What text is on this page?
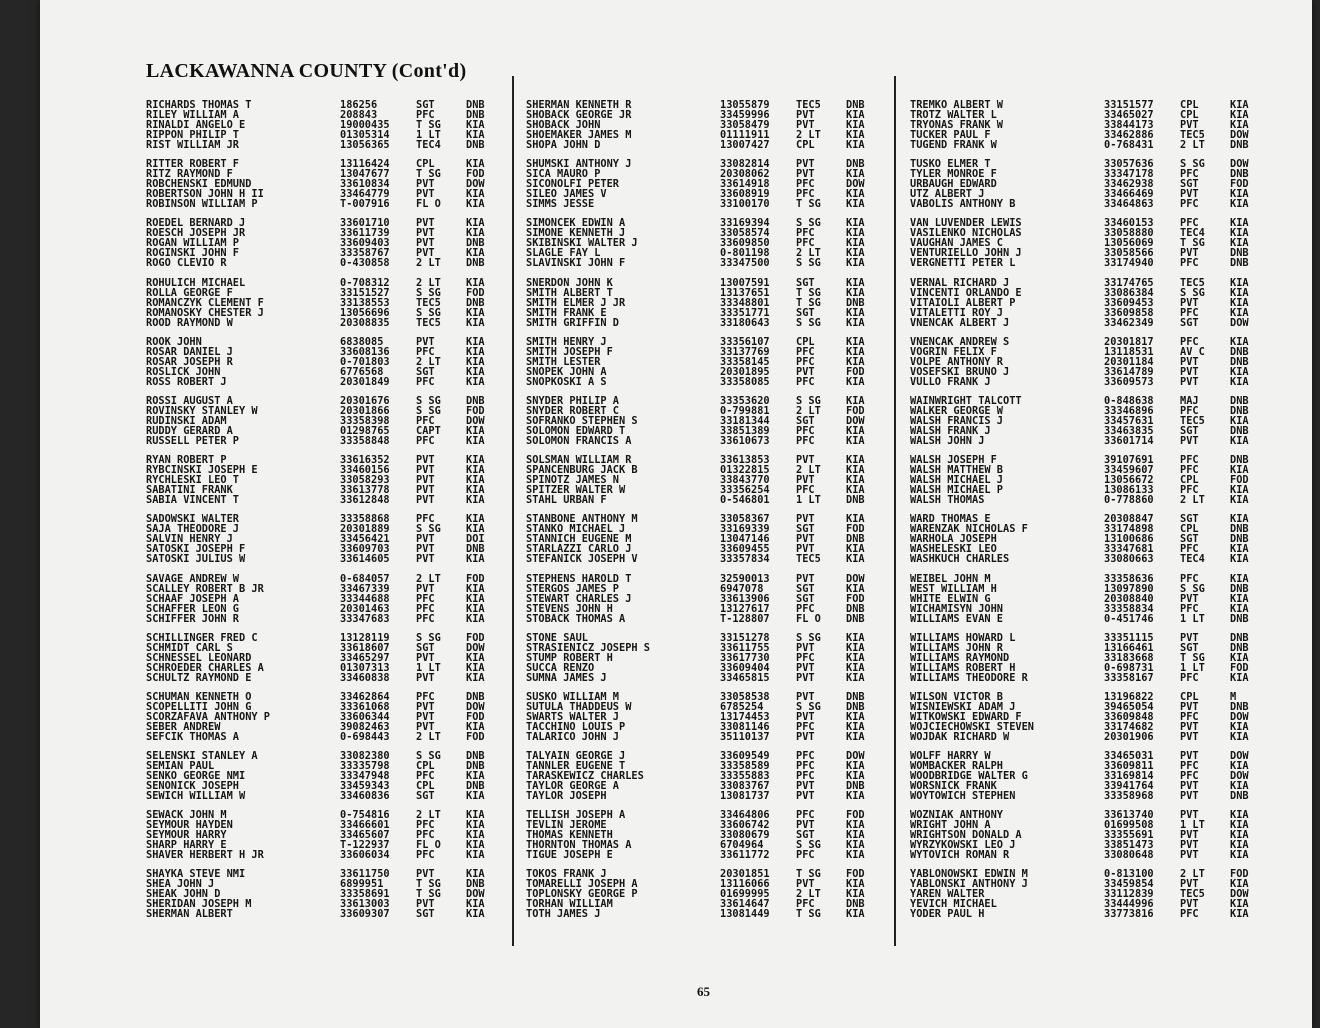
LACKAWANNA COUNTY (Cont'd)
RICHARDS THOMAS T	186256	SGT	DNB
RILEY WILLIAM A	208843	PFC	DNB
RINALDI ANGELO E	19000435	T SG KIA
RIPPON PHILIP T	01305314	1 LT KIA
RIST WILLIAM JR	13056365	TEC4 DNB
RITTER ROBERT F	13116424	CPL	KIA
RITZ RAYMOND F	13047677	T SG FOD
ROBCHENSKI EDMUND	33610834	PVT	DOW
ROBERTSON JOHN H II	33464779	PVT	KIA
ROBINSON WILLIAM P	T-007916	FL O KIA
ROEDEL BERNARD J	33601710	PVT	KIA
ROESCH JOSEPH JR	33611739	PVT	KIA
ROGAN WILLIAM P	33609403	PVT	DNB
ROGINSKI JOHN F	33358767	PVT	KIA
ROGO CLEVIO R	0-430858	2 LT DNB
ROHULICH MICHAEL	0-708312	2 LT KIA
ROLLA GEORGE F	33151527	S SG FOD
ROMANCZYK CLEMENT F	33138553	TEC5 DNB
ROMANOSKY CHESTER J	13056696	S SG KIA
ROOD RAYMOND W	20308835	TEC5 KIA
ROOK JOHN	6838085	PVT	KIA
ROSAR DANIEL J	33608136	PFC	KIA
ROSAR JOSEPH R	0-701803	2 LT KIA
ROSLICK JOHN	6776568	SGT	KIA
ROSS ROBERT J	20301849	PFC	KIA
ROSSI AUGUST A	20301676	S SG DNB
ROVINSKY STANLEY W	20301866	S SG FOD
RUDINSKI ADAM	33358398	PFC	DOW
RUDDY GERARD A	01298765	CAPT KIA
RUSSELL PETER P	33358848	PFC	KIA
RYAN ROBERT P	33616352	PVT	KIA
RYBCINSKI JOSEPH E	33460156	PVT	KIA
RYCHLESKI LEO T	33058293	PVT	KIA
SABATINI FRANK	33613778	PVT	KIA
SABIA VINCENT T	33612848	PVT	KIA
SADOWSKI WALTER	33358868	PFC	KIA
SAJA THEODORE J	20301889	S SG KIA
SALVIN HENRY J	33456421	PVT	DOI
SATOSKI JOSEPH F	33609703	PVT	DNB
SATOSKI JULIUS W	33614605	PVT	KIA
SAVAGE ANDREW W	0-684057	2 LT FOD
SCALLEY ROBERT B JR	33467339	PVT	KIA
SCHAAF JOSEPH A	33344688	PFC	KIA
SCHAFFER LEON G	20301463	PFC	KIA
SCHIFFER JOHN R	33347683	PFC	KIA
SCHILLINGER FRED C	13128119	S SG FOD
SCHMIDT CARL S	33618607	SGT	DOW
SCHNESSEL LEONARD	33465297	PVT	KIA
SCHROEDER CHARLES A	01307313	1 LT KIA
SCHULTZ RAYMOND E	33460838	PVT	KIA
SCHUMAN KENNETH O	33462864	PFC	DNB
SCOPELLITI JOHN G	33361068	PVT	DOW
SCORZAFAVA ANTHONY P	33606344	PVT	FOD
SEBER ANDREW	39082463	PVT	KIA
SEFCIK THOMAS A	0-698443	2 LT FOD
SELENSKI STANLEY A	33082380	S SG DNB
SEMIAN PAUL	33335798	CPL	DNB
SENKO GEORGE NMI	33347948	PFC	KIA
SENONICK JOSEPH	33459343	CPL	DNB
SEWICH WILLIAM W	33460836	SGT	KIA
SEWACK JOHN M	0-754816	2 LT KIA
SEYMOUR HAYDEN	33466601	PFC	KIA
SEYMOUR HARRY	33465607	PFC	KIA
SHARP HARRY E	T-122937	FL O KIA
SHAVER HERBERT H JR	33606034	PFC	KIA
SHAYKA STEVE NMI	33611750	PVT	KIA
SHEA JOHN J	6899951	T SG DNB
SHEAK JOHN D	33358691	T SG DOW
SHERIDAN JOSEPH M	33613003	PVT	KIA
SHERMAN ALBERT	33609307	SGT	KIA
SHERMAN KENNETH R	13055879	TEC5 DNB
SHOBACK GEORGE JR	33459996	PVT	KIA
SHOBACK JOHN	33058479	PVT	KIA
SHOEMAKER JAMES M	01111911	2 LT KIA
SHOPA JOHN D	13007427	CPL	KIA
SHUMSKI ANTHONY J	33082814	PVT	DNB
SICA MAURO P	20308062	PVT	KIA
SICONOLFI PETER	33614918	PFC	DOW
SILEO JAMES V	33608919	PFC	KIA
SIMMS JESSE	33100170	T SG KIA
SIMONCEK EDWIN A	33169394	S SG KIA
SIMONE KENNETH J	33058574	PFC	KIA
SKIBINSKI WALTER J	33609850	PFC	KIA
SLAGLE FAY L	0-801198	2 LT KIA
SLAVINSKI JOHN F	33347500	S SG KIA
SNERDON JOHN K	13007591	SGT	KIA
SMITH ALBERT T	13137651	T SG KIA
SMITH ELMER J JR	33348801	T SG DNB
SMITH FRANK E	33351771	SGT	KIA
SMITH GRIFFIN D	33180643	S SG KIA
SMITH HENRY J	33356107	CPL	KIA
SMITH JOSEPH F	33137769	PFC	KIA
SMITH LESTER	33358145	PFC	KIA
SNOPEK JOHN A	20301895	PVT	FOD
SNOPKOSKI A S	33358085	PFC	KIA
SNYDER PHILIP A	33353620	S SG KIA
SNYDER ROBERT C	0-799881	2 LT FOD
SOFRANKO STEPHEN S	33181344	SGT	DOW
SOLOMON EDWARD T	33851389	PFC	KIA
SOLOMON FRANCIS A	33610673	PFC	KIA
SOLSMAN WILLIAM R	33613853	PVT	KIA
SPANCENBURG JACK B	01322815	2 LT KIA
SPINOTZ JAMES N	33843770	PVT	KIA
SPITZER WALTER W	33356254	PFC	KIA
STAHL URBAN F	0-546801	1 LT DNB
STANBONE ANTHONY M	33058367	PVT	KIA
STANKO MICHAEL J	33169339	SGT	FOD
STANNICH EUGENE M	13047146	PVT	DNB
STARLAZZI CARLO J	33609455	PVT	KIA
STEFANICK JOSEPH V	33357834	TEC5 KIA
STEPHENS HAROLD T	32590013	PVT	DOW
STERGOS JAMES P	6947078	SGT	KIA
STEWART CHARLES J	33613906	SGT	FOD
STEVENS JOHN H	13127617	PFC	DNB
STOBACK THOMAS A	T-128807	FL O DNB
STONE SAUL	33151278	S SG KIA
STRASIENICZ JOSEPH S	33611755	PVT	KIA
STUMP ROBERT H	33617730	PFC	KIA
SUCCA RENZO	33609404	PVT	KIA
SUMNA JAMES J	33465815	PVT	KIA
SUSKO WILLIAM M	33058538	PVT	DNB
SUTULA THADDEUS W	6785254	S SG DNB
SWARTS WALTER J	13174453	PVT	KIA
TACCHINO LOUIS P	33081146	PFC	KIA
TALARICO JOHN J	35110137	PVT	KIA
TALYAIN GEORGE J	33609549	PFC	DOW
TANNLER EUGENE T	33358589	PFC	KIA
TARASKEWICZ CHARLES	33355883	PFC	KIA
TAYLOR GEORGE A	33083767	PVT	DNB
TAYLOR JOSEPH	13081737	PVT	KIA
TELLISH JOSEPH A	33464806	PFC	FOD
TEVLIN JEROME	33606742	PVT	KIA
THOMAS KENNETH	33080679	SGT	KIA
THORNTON THOMAS A	6704964	S SG KIA
TIGUE JOSEPH E	33611772	PFC	KIA
TOKOS FRANK J	20301851	T SG FOD
TOMARELLI JOSEPH A	13116066	PVT	KIA
TOPLONSKY GEORGE P	01699995	2 LT KIA
TORHAN WILLIAM	33614647	PFC	DNB
TOTH JAMES J	13081449	T SG KIA
TREMKO ALBERT W	33151577	CPL	KIA
TROTZ WALTER L	33465027	CPL	KIA
TRYONAS FRANK W	33844173	PVT	KIA
TUCKER PAUL F	33462886	TEC5 DOW
TUGEND FRANK W	0-768431	2 LT DNB
TUSKO ELMER T	33057636	S SG DOW
TYLER MONROE F	33347178	PFC	DNB
URBAUGH EDWARD	33462938	SGT	FOD
UTZ ALBERT J	33466469	PVT	KIA
VABOLIS ANTHONY B	33464863	PFC	KIA
VAN LUVENDER LEWIS	33460153	PFC	KIA
VASILENKO NICHOLAS	33058880	TEC4 KIA
VAUGHAN JAMES C	13056069	T SG KIA
VENTURIELLO JOHN J	33058566	PVT	DNB
VERGNETTI PETER L	33174940	PFC	DNB
VERNAL RICHARD J	33174765	TEC5 KIA
VINCENTI ORLANDO E	33086384	S SG KIA
VITAIOLI ALBERT P	33609453	PVT	KIA
VITALETTI ROY J	33609858	PFC	KIA
VNENCAK ALBERT J	33462349	SGT	DOW
VNENCAK ANDREW S	20301817	PFC	KIA
VOGRIN FELIX F	13118531	AV C DNB
VOLPE ANTHONY R	20301184	PVT	DNB
VOSEFSKI BRUNO J	33614789	PVT	KIA
VULLO FRANK J	33609573	PVT	KIA
WAINWRIGHT TALCOTT	0-848638	MAJ	DNB
WALKER GEORGE W	33346896	PFC	DNB
WALSH FRANCIS J	33457631	TEC5 KIA
WALSH FRANK J	33463835	SGT	DNB
WALSH JOHN J	33601714	PVT	KIA
WALSH JOSEPH F	39107691	PFC	DNB
WALSH MATTHEW B	33459607	PFC	KIA
WALSH MICHAEL J	13056672	CPL	FOD
WALSH MICHAEL P	13086133	PFC	KIA
WALSH THOMAS	0-778860	2 LT KIA
WARD THOMAS E	20308847	SGT	KIA
WARENZAK NICHOLAS F	33174898	CPL	DNB
WARHOLA JOSEPH	13100686	SGT	DNB
WASHELESKI LEO	33347681	PFC	KIA
WASHKUCH CHARLES	33080663	TEC4 KIA
WEIBEL JOHN M	33358636	PFC	KIA
WEST WILLIAM H	13097890	S SG DNB
WHITE ELWIN G	20308840	PVT	KIA
WICHAMISYN JOHN	33358834	PFC	KIA
WILLIAMS EVAN E	0-451746	1 LT DNB
WILLIAMS HOWARD L	33351115	PVT	DNB
WILLIAMS JOHN R	13166461	SGT	DNB
WILLIAMS RAYMOND	33183668	T SG KIA
WILLIAMS ROBERT H	0-698731	1 LT FOD
WILLIAMS THEODORE R	33358167	PFC	KIA
WILSON VICTOR B	13196822	CPL	M
WISNIEWSKI ADAM J	39465054	PVT	DNB
WITKOWSKI EDWARD F	33609848	PFC	DOW
WOJCIECHOWSKI STEVEN	33174682	PVT	KIA
WOJDAK RICHARD W	20301906	PVT	KIA
WOLFF HARRY W	33465031	PVT	DOW
WOMBACKER RALPH	33609811	PFC	KIA
WOODBRIDGE WALTER G	33169814	PFC	DOW
WORSNICK FRANK	33941764	PVT	KIA
WOYTOWICH STEPHEN	33358968	PVT	DNB
WOZNIAK ANTHONY	33613740	PVT	KIA
WRIGHT JOHN A	01699508	1 LT KIA
WRIGHTSON DONALD A	33355691	PVT	KIA
WYRZYKOWSKI LEO J	33851473	PVT	KIA
WYTOVICH ROMAN R	33080648	PVT	KIA
YABLONOWSKI EDWIN M	0-813100	2 LT FOD
YABLONSKI ANTHONY J	33459854	PVT	KIA
YAREN WALTER	33112839	TEC5 DOW
YEVICH MICHAEL	33444996	PVT	KIA
YODER PAUL H	33773816	PFC	KIA
65
